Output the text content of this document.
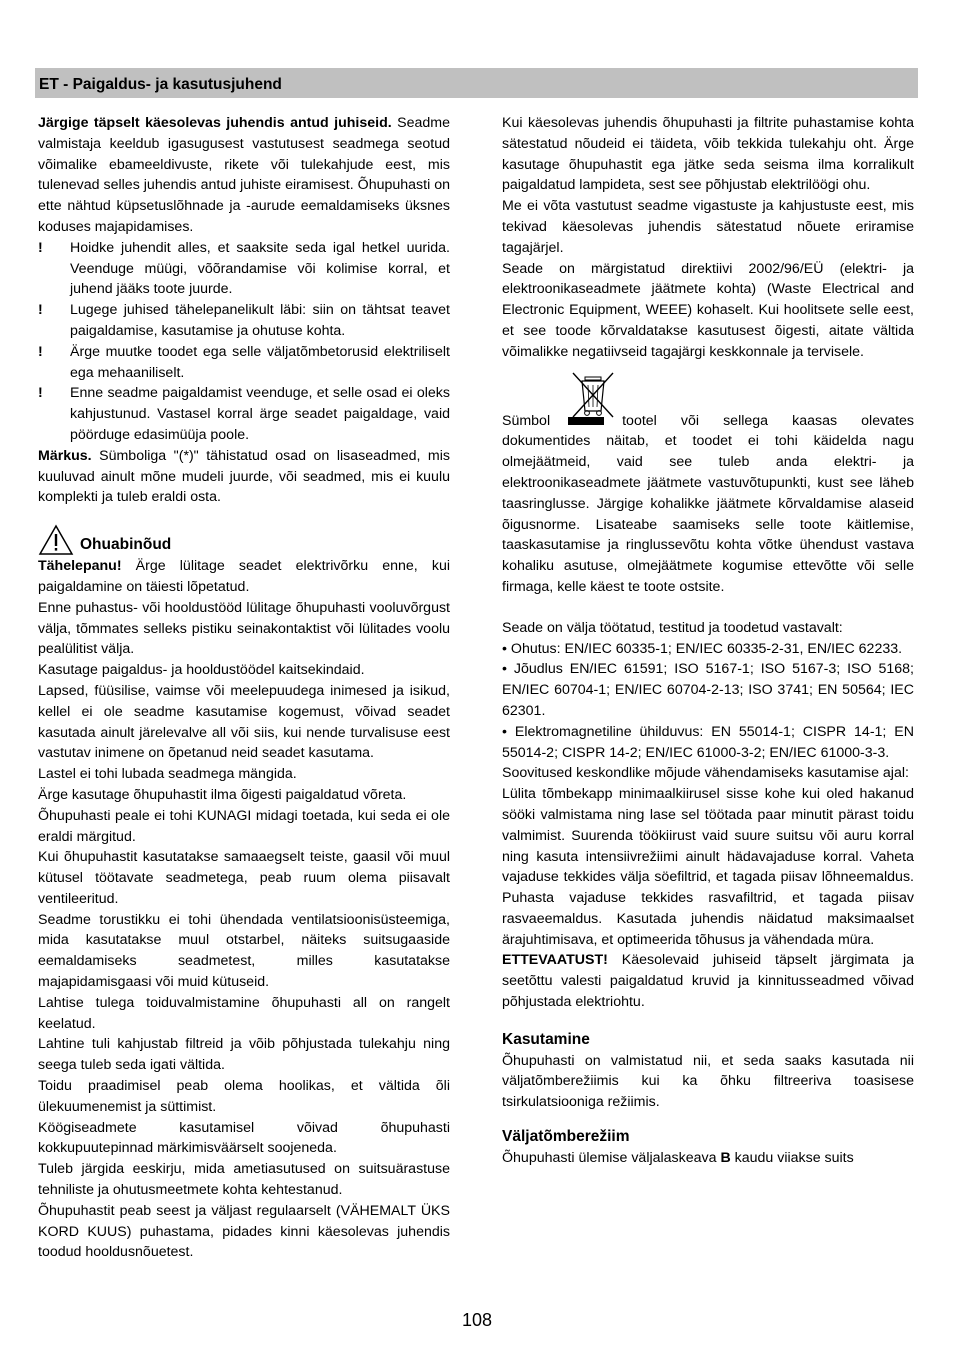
ET - Paigaldus- ja kasutusjuhend

Järgige täpselt käesolevas juhendis antud juhiseid. Seadme valmistaja keeldub igasugusest vastutusest seadmega seotud võimalike ebameeldivuste, rikete või tulekahjude eest, mis tulenevad selles juhendis antud juhiste eiramisest. Õhupuhasti on ette nähtud küpsetuslõhnade ja -aurude eemaldamiseks üksnes koduses majapidamises.

!	Hoidke juhendit alles, et saaksite seda igal hetkel uurida. Veenduge müügi, võõrandamise või kolimise korral, et juhend jääks toote juurde.
!	Lugege juhised tähelepanelikult läbi: siin on tähtsat teavet paigaldamise, kasutamise ja ohutuse kohta.
!	Ärge muutke toodet ega selle väljatõmbetorusid elektriliselt ega mehaaniliselt.
!	Enne seadme paigaldamist veenduge, et selle osad ei oleks kahjustunud. Vastasel korral ärge seadet paigaldage, vaid pöörduge edasimüüja poole.

Märkus. Sümboliga "(*)" tähistatud osad on lisaseadmed, mis kuuluvad ainult mõne mudeli juurde, või seadmed, mis ei kuulu komplekti ja tuleb eraldi osta.

Ohuabinõud

Tähelepanu! Ärge lülitage seadet elektrivõrku enne, kui paigaldamine on täiesti lõpetatud.

Enne puhastus- või hooldustööd lülitage õhupuhasti vooluvõrgust välja, tõmmates selleks pistiku seinakontaktist või lülitades voolu pealülitist välja.

Kasutage paigaldus- ja hooldustöödel kaitsekindaid.

Lapsed, füüsilise, vaimse või meelepuudega inimesed ja isikud, kellel ei ole seadme kasutamise kogemust, võivad seadet kasutada ainult järelevalve all või siis, kui nende turvalisuse eest vastutav inimene on õpetanud neid seadet kasutama.

Lastel ei tohi lubada seadmega mängida.

Ärge kasutage õhupuhastit ilma õigesti paigaldatud võreta.

Õhupuhasti peale ei tohi KUNAGI midagi toetada, kui seda ei ole eraldi märgitud.

Kui õhupuhastit kasutatakse samaaegselt teiste, gaasil või muul kütusel töötavate seadmetega, peab ruum olema piisavalt ventileeritud.

Seadme torustikku ei tohi ühendada ventilatsioonisüsteemiga, mida kasutatakse muul otstarbel, näiteks suitsugaaside eemaldamiseks seadmetest, milles kasutatakse majapidamisgaasi või muid kütuseid.

Lahtise tulega toiduvalmistamine õhupuhasti all on rangelt keelatud.

Lahtine tuli kahjustab filtreid ja võib põhjustada tulekahju ning seega tuleb seda igati vältida.

Toidu praadimisel peab olema hoolikas, et vältida õli ülekuumenemist ja süttimist.

Köögiseadmete kasutamisel võivad õhupuhasti kokkupuutepinnad märkimisväärselt soojeneda.

Tuleb järgida eeskirju, mida ametiasutused on suitsuärastuse tehniliste ja ohutusmeetmete kohta kehtestanud.

Õhupuhastit peab seest ja väljast regulaarselt (VÄHEMALT ÜKS KORD KUUS) puhastama, pidades kinni käesolevas juhendis toodud hooldusnõuetest.

Kui käesolevas juhendis õhupuhasti ja filtrite puhastamise kohta sätestatud nõudeid ei täideta, võib tekkida tulekahju oht. Ärge kasutage õhupuhastit ega jätke seda seisma ilma korralikult paigaldatud lampideta, sest see põhjustab elektrilöögi ohu.

Me ei võta vastutust seadme vigastuste ja kahjustuste eest, mis tekivad käesolevas juhendis sätestatud nõuete eriramise tagajärjel.

Seade on märgistatud direktiivi 2002/96/EÜ (elektri- ja elektroonikaseadmete jäätmete kohta) (Waste Electrical and Electronic Equipment, WEEE) kohaselt. Kui hoolitsete selle eest, et see toode kõrvaldatakse kasutusest õigesti, aitate vältida võimalikke negatiivseid tagajärgi keskkonnale ja tervisele.

Sümbol	tootel või sellega kaasas olevates dokumentides näitab, et toodet ei tohi käidelda nagu olmejäätmeid, vaid see tuleb anda elektri- ja elektroonikaseadmete jäätmete vastuvõtupunkti, kust see läheb taasringlusse. Järgige kohalikke jäätmete kõrvaldamise alaseid õigusnorme. Lisateabe saamiseks selle toote käitlemise, taaskasutamise ja ringlussevõtu kohta võtke ühendust vastava kohaliku asutuse, olmejäätmete kogumise ettevõtte või selle firmaga, kelle käest te toote ostsite.

Seade on välja töötatud, testitud ja toodetud vastavalt:

• Ohutus: EN/IEC 60335-1; EN/IEC 60335-2-31, EN/IEC 62233.

• Jõudlus EN/IEC 61591; ISO 5167-1; ISO 5167-3; ISO 5168; EN/IEC 60704-1; EN/IEC 60704-2-13; ISO 3741; EN 50564; IEC 62301.

• Elektromagnetiline ühilduvus: EN 55014-1; CISPR 14-1; EN 55014-2; CISPR 14-2; EN/IEC 61000-3-2; EN/IEC 61000-3-3.

Soovitused keskondlike mõjude vähendamiseks kasutamise ajal:

Lülita tõmbekapp minimaalkiirusel sisse kohe kui oled hakanud sööki valmistama ning lase sel töötada paar minutit pärast toidu valmimist. Suurenda töökiirust vaid suure suitsu või auru korral ning kasuta intensiivrežiimi ainult hädavajaduse korral. Vaheta vajaduse tekkides välja söefiltrid, et tagada piisav lõhneemaldus. Puhasta vajaduse tekkides rasvafiltrid, et tagada piisav rasvaeemaldus. Kasutada juhendis näidatud maksimaalset ärajuhtimisava, et optimeerida tõhusus ja vähendada müra.

ETTEVAATUST! Käesolevaid juhiseid täpselt järgimata ja seetõttu valesti paigaldatud kruvid ja kinnitusseadmed võivad põhjustada elektriohtu.

Kasutamine

Õhupuhasti on valmistatud nii, et seda saaks kasutada nii väljatõmberežiimis kui ka õhku filtreeriva toasisese tsirkulatsiooniga režiimis.

Väljatõmberežiim

Õhupuhasti ülemise väljalaskeava B kaudu viiakse suits

108
